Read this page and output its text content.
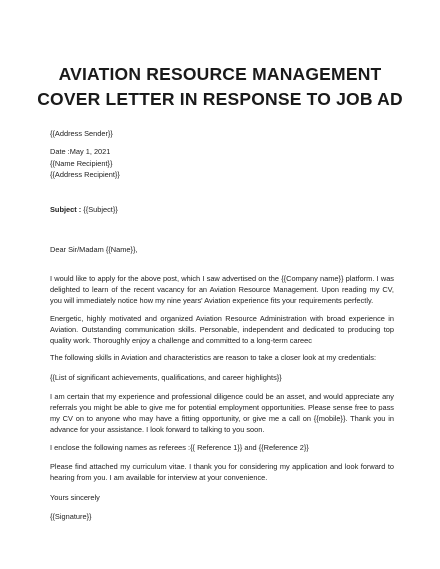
AVIATION RESOURCE MANAGEMENT
COVER LETTER IN RESPONSE TO JOB AD

{{Address Sender}}

Date :May 1, 2021

{{Name Recipient}}

{{Address Recipient}}

Subject : {{Subject}}

Dear Sir/Madam {{Name}},

I would like to apply for the above post, which I saw advertised on the {{Company name}} platform. I was delighted to learn of the recent vacancy for an Aviation Resource Management. Upon reading my CV, you will immediately notice how my nine years' Aviation experience fits your requirements perfectly.

Energetic, highly motivated and organized Aviation Resource Administration with broad experience in Aviation. Outstanding communication skills. Personable, independent and dedicated to producing top quality work. Thoroughly enjoy a challenge and committed to a long-term careec

The following skills in Aviation and characteristics are reason to take a closer look at my credentials:

{{List of significant achievements, qualifications, and career highlights}}

I am certain that my experience and professional diligence could be an asset, and would appreciate any referrals you might be able to give me for potential employment opportunities. Please sense free to pass my CV on to anyone who may have a fitting opportunity, or give me a call on {{mobile}}. Thank you in advance for your assistance. I look forward to talking to you soon.

I enclose the following names as referees :{{ Reference 1}} and {{Reference 2}}

Please find attached my curriculum vitae. I thank you for considering my application and look forward to hearing from you. I am available for interview at your convenience.

Yours sincerely

{{Signature}}
